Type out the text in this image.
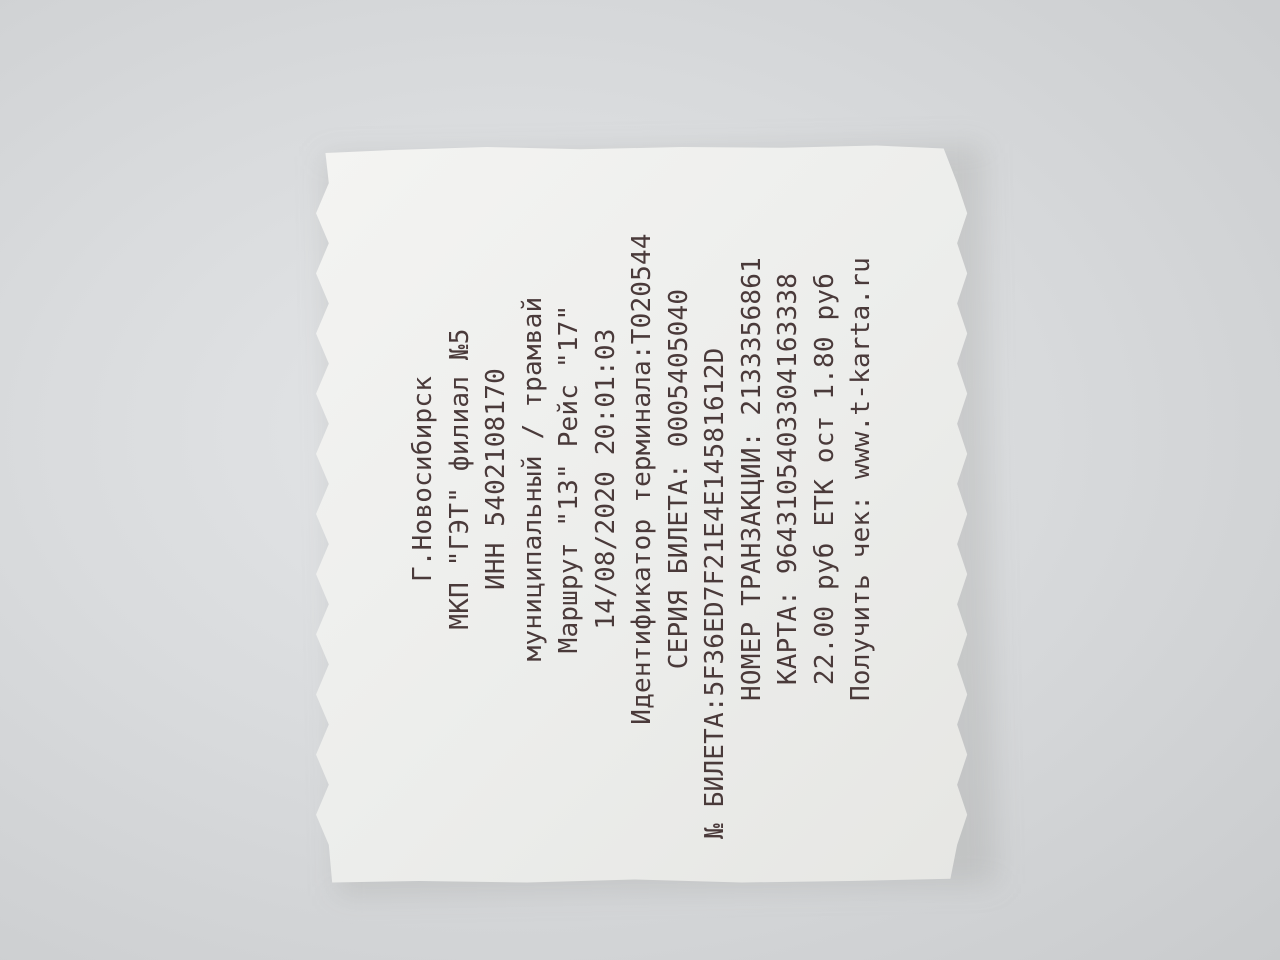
Г.Новосибирск МКП "ГЭТ" филиал №5 ИНН 5402108170 муниципальный / трамвай Маршрут "13" Рейс "17" 14/08/2020 20:01:03 Идентификатор терминала:T020544 СЕРИЯ БИЛЕТА: 0005405040 № БИЛЕТА:5F36ED7F21E4E14581612D НОМЕР ТРАНЗАКЦИИ: 2133356861 КАРТА: 9643105403304163338 22.00 руб ЕТК ост 1.80 руб Получить чек: www.t-karta.ru
